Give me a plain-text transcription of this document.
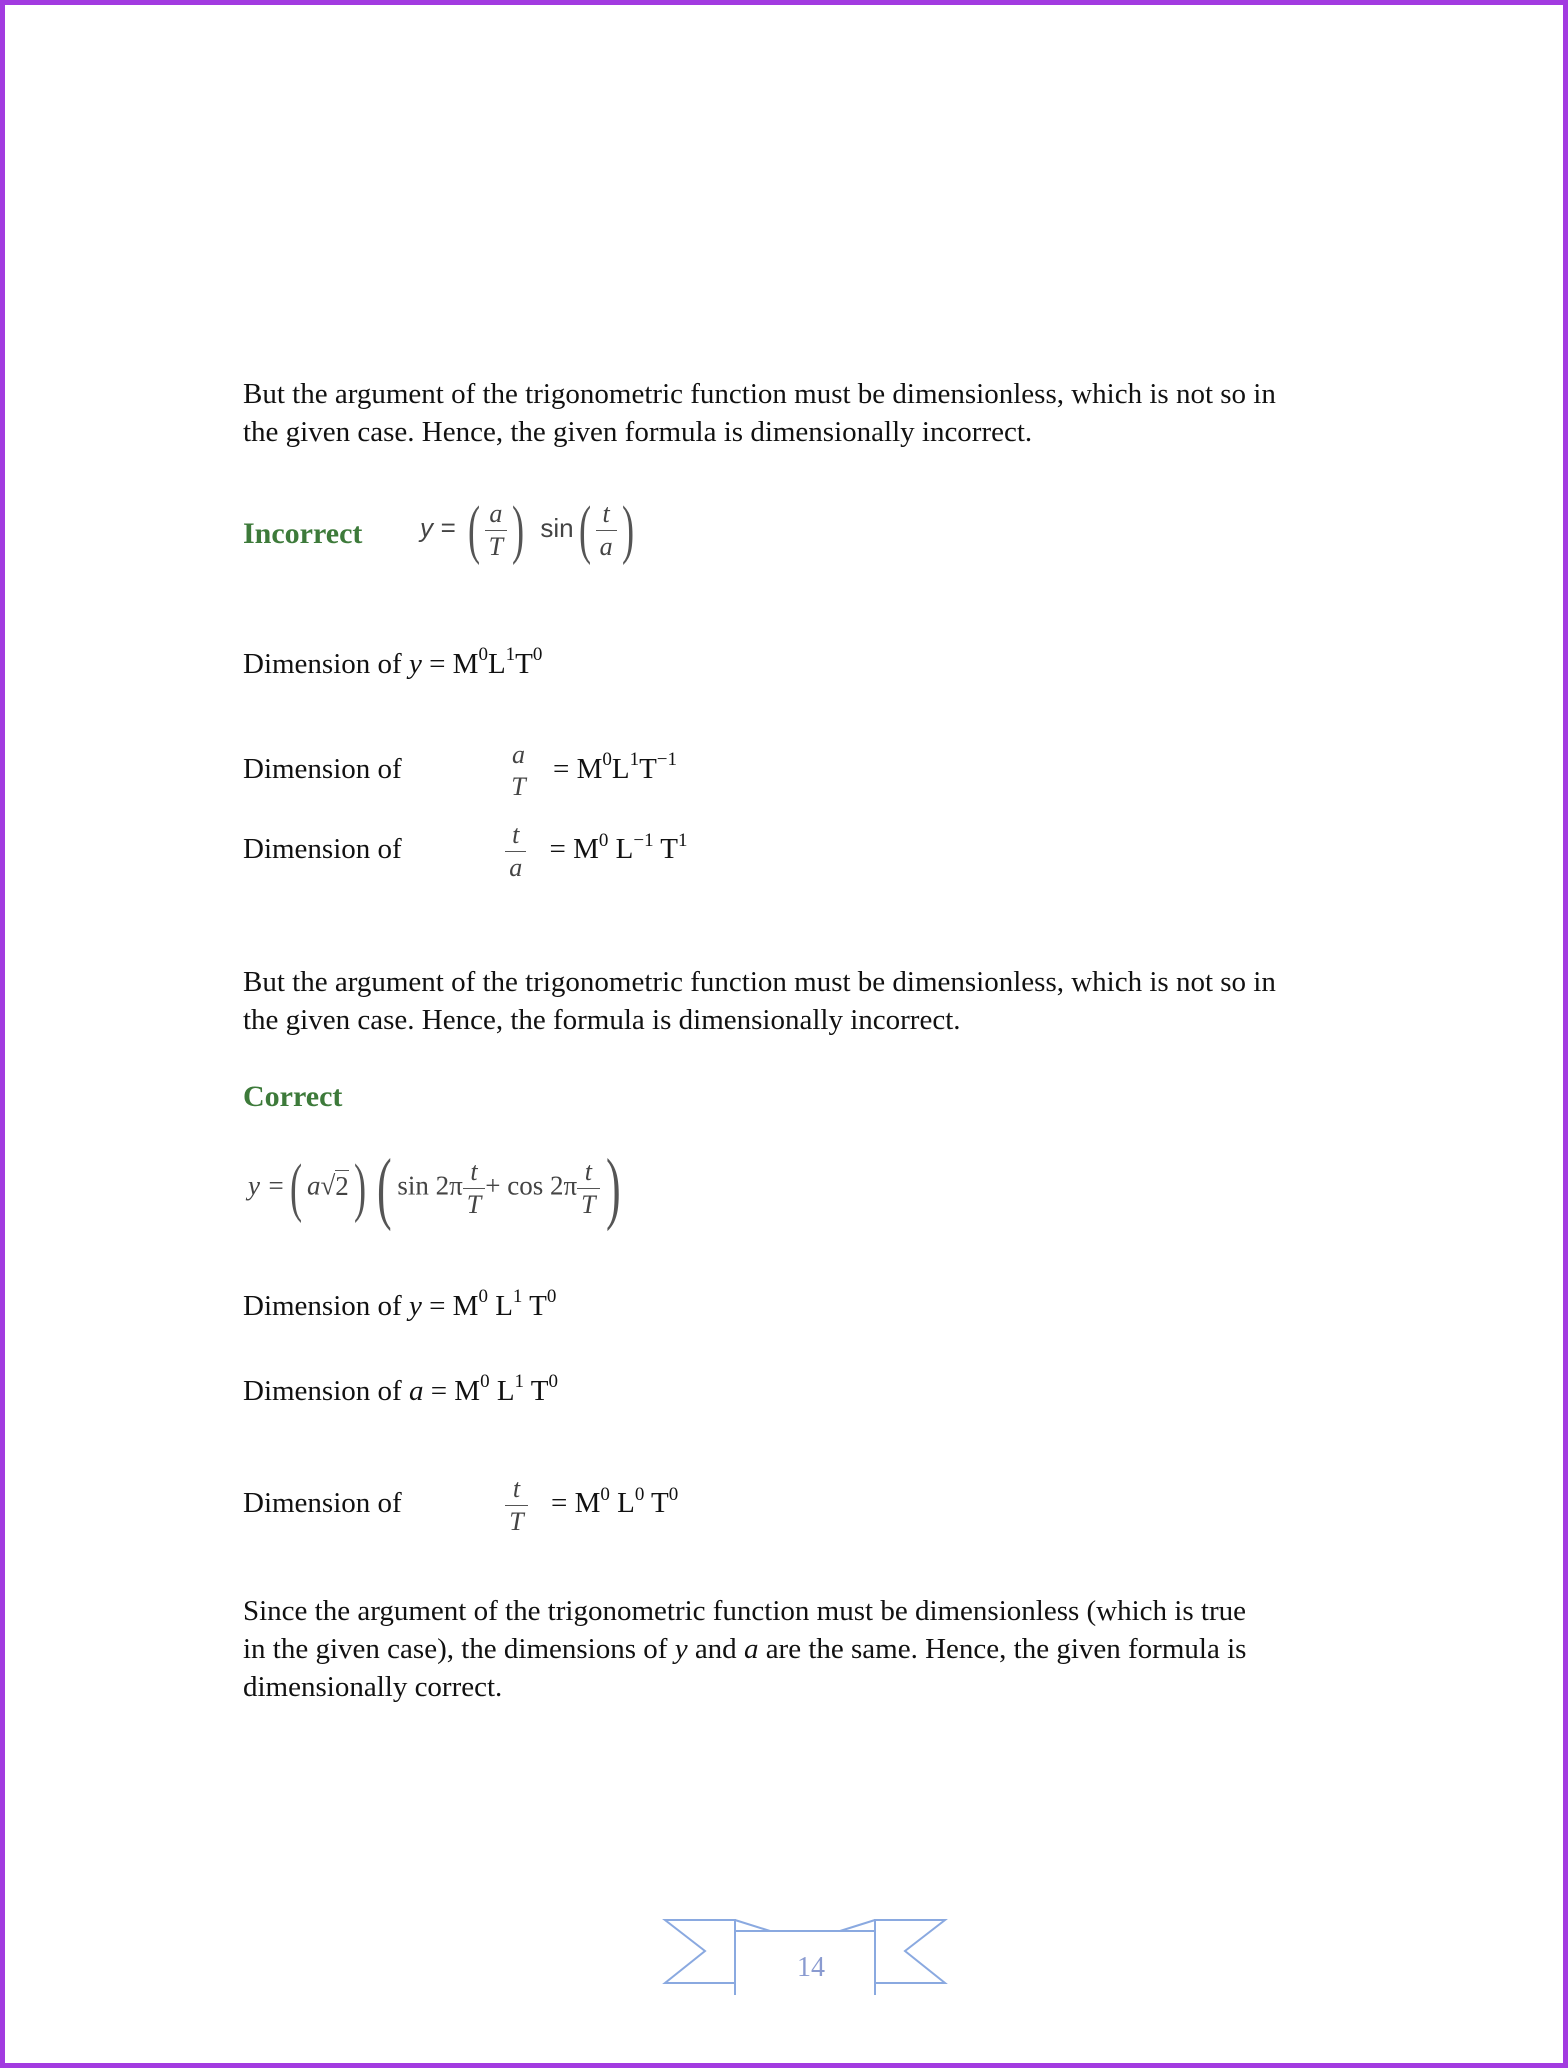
But the argument of the trigonometric function must be dimensionless, which is not so in
the given case. Hence, the given formula is dimensionally incorrect.
Incorrect y = ( $\frac{a}{T}$ ) $\sin( \frac{t}{a}$ )
Dimension of $y = M^0L^1T^0$
Dimension of	a
T
= $M^0L^1T^{-1}$
Dimension of	$\frac{t}{a} = M^0$ $L^{-1}$ $T^1$
But the argument of the trigonometric function must be dimensionless, which is not so in
the given case. Hence, the formula is dimensionally incorrect.
Correct
y =( a√2) ( $\sin 2\pi \frac{t}{T} + \cos 2\pi \frac{t}{T}$ )
Dimension of $y = M^0$ $L^1$ $T^0$
Dimension of $a = M^0$ $L^1$ $T^0$
Dimension of	$\frac{t}{T} = M^0$ $L^0$ $T^0$
Since the argument of the trigonometric function must be dimensionless (which is true
in the given case), the dimensions of y and a are the same. Hence, the given formula is
dimensionally correct.
14
